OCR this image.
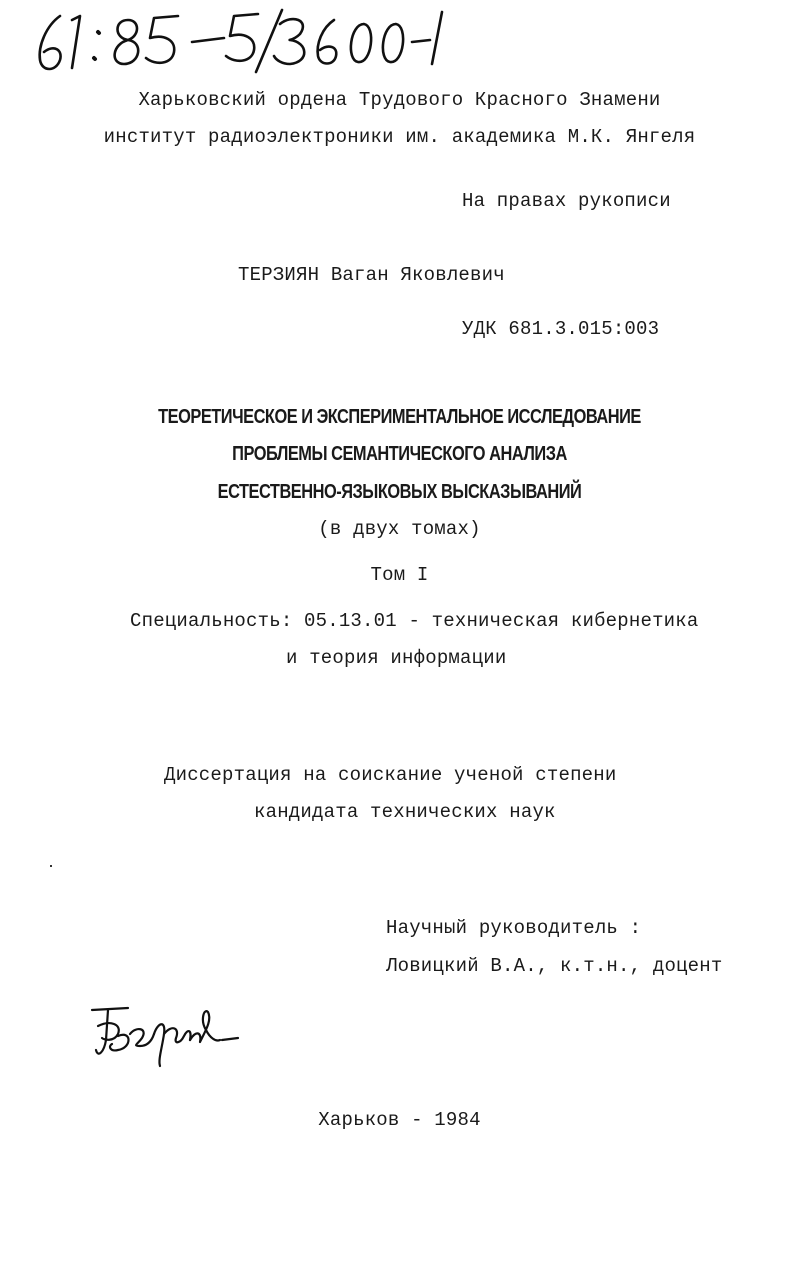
Харьковский ордена Трудового Красного Знамени
институт радиоэлектроники им. академика М.К. Янгеля
На правах рукописи
ТЕРЗИЯН Ваган Яковлевич
УДК 681.3.015:003
ТЕОРЕТИЧЕСКОЕ И ЭКСПЕРИМЕНТАЛЬНОЕ ИССЛЕДОВАНИЕ
ПРОБЛЕМЫ СЕМАНТИЧЕСКОГО АНАЛИЗА
ЕСТЕСТВЕННО-ЯЗЫКОВЫХ ВЫСКАЗЫВАНИЙ
(в двух томах)
Том I
Специальность: 05.13.01 - техническая кибернетика
и теория информации
Диссертация на соискание ученой степени
кандидата технических наук
Научный руководитель :
Ловицкий В.А., к.т.н., доцент
Харьков - 1984
